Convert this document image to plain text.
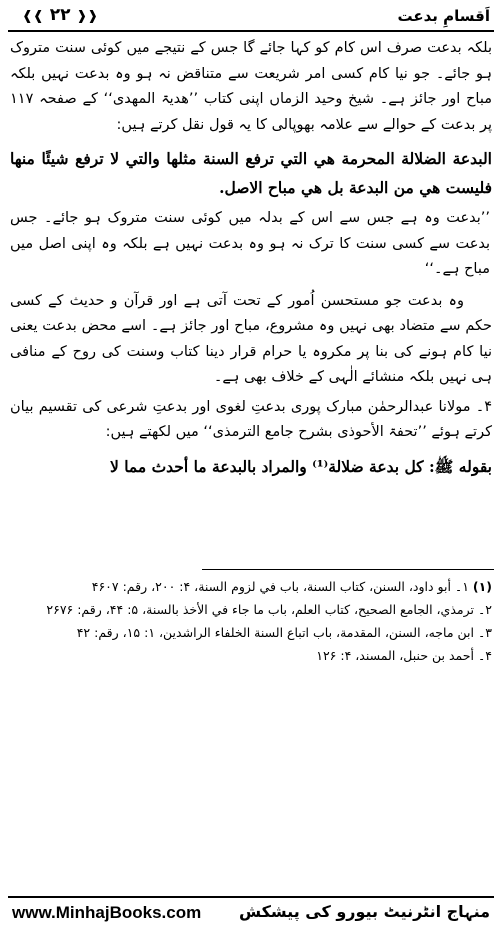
اَقسامِ بدعت
❰❰ ۲۲ ❱❱

بلکہ بدعت صرف اس کام کو کہا جائے گا جس کے نتیجے میں کوئی سنت متروک ہو جائے۔ جو نیا کام کسی امر شریعت سے متناقض نہ ہو وہ بدعت نہیں بلکہ مباح اور جائز ہے۔ شیخ وحید الزماں اپنی کتاب ’’ھدیۃ المھدی‘‘ کے صفحہ ۱۱۷ پر بدعت کے حوالے سے علامہ بھوپالی کا یہ قول نقل کرتے ہیں:

البدعة الضلالة المحرمة هي التي ترفع السنة مثلها والتي لا ترفع شيئًا منها فليست هي من البدعة بل هي مباح الاصل.

’’بدعت وہ ہے جس سے اس کے بدلہ میں کوئی سنت متروک ہو جائے۔ جس بدعت سے کسی سنت کا ترک نہ ہو وہ بدعت نہیں ہے بلکہ وہ اپنی اصل میں مباح ہے۔‘‘

وہ بدعت جو مستحسن اُمور کے تحت آتی ہے اور قرآن و حدیث کے کسی حکم سے متضاد بھی نہیں وہ مشروع، مباح اور جائز ہے۔ اسے محض بدعت یعنی نیا کام ہونے کی بنا پر مکروہ یا حرام قرار دینا کتاب وسنت کی روح کے منافی ہی نہیں بلکہ منشائے الٰہی کے خلاف بھی ہے۔

۴۔ مولانا عبدالرحمٰن مبارک پوری بدعتِ لغوی اور بدعتِ شرعی کی تقسیم بیان کرتے ہوئے ’’تحفۃ الأحوذی بشرح جامع الترمذی‘‘ میں لکھتے ہیں:

بقوله ﷺ: كل بدعة ضلالة⁽¹⁾ والمراد بالبدعة ما أحدث مما لا

(۱) ۱۔ أبو داود، السنن، كتاب السنة، باب في لزوم السنة، ۴: ۲۰۰، رقم: ۴۶۰۷

۲۔ ترمذي، الجامع الصحيح، كتاب العلم، باب ما جاء في الأخذ بالسنة، ۵: ۴۴، رقم: ۲۶۷۶

۳۔ ابن ماجه، السنن، المقدمة، باب اتباع السنة الخلفاء الراشدين، ۱: ۱۵، رقم: ۴۲

۴۔ أحمد بن حنبل، المسند، ۴: ۱۲۶

www.MinhajBooks.com منہاج انٹرنیٹ بیورو کی پیشکش
